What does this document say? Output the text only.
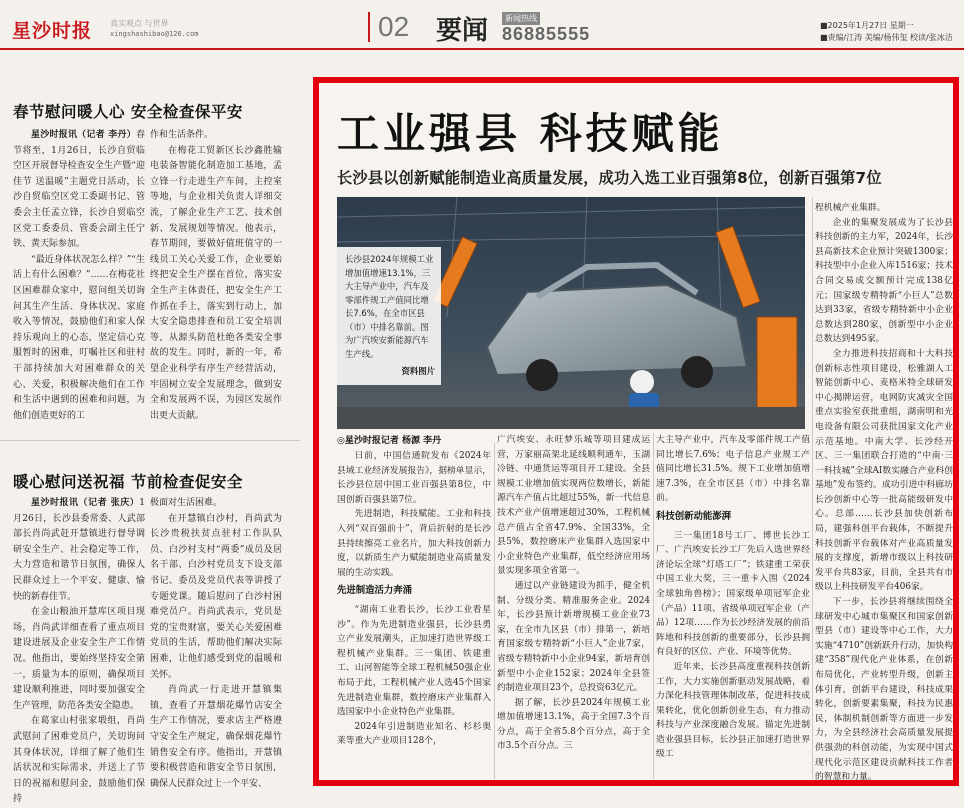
星沙时报 真实观点 与世界
xingshashibao@126.com	02	要闻	新闻热线
86885555	■2025年1月27日 星期一
■责编/江涛 美编/杨伟玺 校读/张冰洁
春节慰问暖人心 安全检查保平安

星沙时报讯（记者 李丹）春节将至，1月26日，长沙自贸临空区开展督导检查安全生产暨“迎佳节 送温暖”主题党日活动，长沙自贸临空区党工委副书记、管委会主任孟立锋，长沙自贸临空区党工委委员、管委会副主任宁铁、黄天际参加。

“最近身体状况怎么样？”“生活上有什么困难？”……在梅花社区困难群众家中，慰问组关切询问其生产生活、身体状况、家庭收入等情况，鼓励他们和家人保持乐观向上的心态，坚定信心克服暂时的困难，叮嘱社区和驻村干部持续加大对困难群众的关心、关爱，积极解决他们在工作和生活中遇到的困难和问题，为他们创造更好的工

作和生活条件。

在梅花工贸新区长沙鑫胜输电装备智能化制造加工基地，孟立锋一行走进生产车间，主控室等地，与企业相关负责人详细交流，了解企业生产工艺、技术创新、发展规划等情况。他表示，春节期间，要做好值班值守的一线员工关心关爱工作，企业要始终把安全生产摆在首位，落实安全生产主体责任，把安全生产工作抓在手上，落实到行动上，加大安全隐患排查和员工安全培训等，从源头防范杜绝各类安全事故的发生。同时，新的一年，希望企业科学有序生产经营活动，牢固树立安全发展理念，做到安全和发展两不误，为园区发展作出更大贡献。

暖心慰问送祝福 节前检查促安全

星沙时报讯（记者 张庆）1月26日，长沙县委常委、人武部部长肖尚武赶开慧镇进行督导调研安全生产、社会稳定等工作，大力营造和谐节日氛围，确保人民群众过上一个平安、健康、愉快的新春佳节。

在金山粮油开慧库区项目现场，肖尚武详细查看了重点项目建设进展及企业安全生产工作情况。他指出，要始终坚持安全第一，质量为本的原则，确保项目建设顺利推进，同时要加强安全生产管理，防范各类安全隐患。

在葛家山村张家塅组，肖尚武慰问了困难党员户，关切询问其身体状况，详细了解了他们生活状况和实际需求，并送上了节日的祝福和慰问金，鼓励他们保持

极面对生活困难。

在开慧镇白沙村，肖尚武为长沙贵税扶贫点驻村工作队队员、白沙村支村“两委”成员及居名干部、白沙村党员支下设支部书记、委员及党员代表等讲授了专题党课。随后慰问了白沙村困难党员户。肖尚武表示，党员是党的宝贵财富，要关心关爱困难党员的生活，帮助他们解决实际困难，让他们感受到党的温暖和关怀。

肖尚武一行走进开慧镇集镇，查看了开慧烟花爆竹店安全生产工作情况，要求店主严格遵守安全生产规定，确保烟花爆竹销售安全有序。他指出，开慧镇要积极营造和谐安全节日氛围，确保人民群众过上一个平安、

工业强县 科技赋能
长沙县以创新赋能制造业高质量发展，成功入选工业百强第8位，创新百强第7位
长沙县2024年规模工业增加值增速13.1%，三大主导产业中，汽车及零部件规工产值同比增长7.6%，在全市区县（市）中排名靠前。图为广汽埃安新能源汽车生产线。
资料图片
◎星沙时报记者 杨源 李丹

日前，中国信通院发布《2024年县域工业经济发展报告》，据榜单显示，长沙县位居中国工业百强县第8位，中国创新百强县第7位。

先进制造，科技赋能。工业和科技入列“双百强前十”，背后折射的是长沙县持续擦亮工业名片，加大科技创新力度，以新质生产力赋能制造业高质量发展的生动实践。

先进制造活力奔涌

“湖南工业看长沙，长沙工业看星沙”。作为先进制造业强县，长沙县勇立产业发展潮头，正加速打造世界级工程机械产业集群。三一集团、铁建重工、山河智能等全球工程机械50强企业布局于此，工程机械产业人选45个国家先进制造业集群，数控磨床产业集群入选国家中小企业特色产业集群。

2024年引进制造业知名、杉杉奥莱等重大产业项目128个，

广汽埃安、永旺梦乐城等项目建成运营，万家丽高架北延线顺利通车，玉湖冷链、中通货运等项目开工建设。全县规模工业增加值实现两位数增长，新能源汽车产值占比超过55%，新一代信息技术产业产值增速超过30%，工程机械总产值占全省47.9%、全国33%，全县5%，数控磨床产业集群入选国家中小企业特色产业集群，低空经济应用场景实现多项全省第一。

通过以产业链建设为抓手，健全机制、分级分类、精准服务企业。2024年，长沙县预计新增规模工业企业73家，在全市九区县（市）排第一，新培育国家级专精特新“小巨人”企业7家，省级专精特新中小企业94家，新培育创新型中小企业152家；2024年全县签约制造业项目23个，总投资63亿元。

据了解，长沙县2024年规模工业增加值增速13.1%，高于全国7.3个百分点，高于全省5.8个百分点，高于全市3.5个百分点。三

大主导产业中，汽车及零部件规工产值同比增长7.6%；电子信息产业规工产值同比增长31.5%。规下工业增加值增速7.3%，在全市区县（市）中排名靠前。

科技创新动能澎湃

三一集团18号工厂、博世长沙工厂、广汽埃安长沙工厂先后入选世界经济论坛全球“灯塔工厂”；铁建重工荣获中国工业大奖，三一重卡入围《2024全球独角兽榜》；国家级单项冠军企业（产品）11项、省级单项冠军企业（产品）12项……作为长沙经济发展的前沿阵地和科技创新的重要部分，长沙县拥有良好的区位、产业、环境等优势。

近年来，长沙县高度重视科技创新工作，大力实施创新驱动发展战略，着力深化科技管理体制改革，促进科技成果转化，优化创新创业生态，有力推动科技与产业深度融合发展。锚定先进制造业强县目标，长沙县正加速打造世界级工

程机械产业集群。

企业的集聚发展成为了长沙县科技创新的主力军，2024年，长沙县高新技术企业预计突破1300家；科技型中小企业入库1516家；技术合同交易成交额预计完成138亿元；国家级专精特新“小巨人”总数达到33家，省级专精特新中小企业总数达到280家，创新型中小企业总数达到495家。

全力推进科技招商和十大科技创新标志性项目建设，松雅湖人工智能创新中心、麦格米特全球研发中心揭牌运营，电网防灾减灾全国重点实验室获批重组，湖南明和光电设备有限公司获批国家文化产业示范基地。中南大学、长沙经开区、三一集团联合打造的“中南·三一科技城”全球AI数实融合产业科创基地”发布签约。成功引进中科廊坊长沙创新中心等一批高能级研发中心。总部……长沙县加快创新布局，建强科创平台载体，不断提升科技创新平台载体对产业高质量发展的支撑度，新增市级以上科技研发平台共83家，目前，全县共有市级以上科技研发平台406家。

下一步，长沙县将继续围绕全球研发中心城市集聚区和国家创新型县（市）建设等中心工作，大力实施“4710”创新跃升行动，加快构建“358”现代化产业体系，在创新布局优化，产业转型升级，创新主体引育，创新平台建设，科技成果转化，创新要素集聚，科技为民惠民，体制机制创新等方面进一步发力，为全县经济社会高质量发展提供强劲的科创动能，为实现中国式现代化示范区建设贡献科技工作者的智慧和力量。
